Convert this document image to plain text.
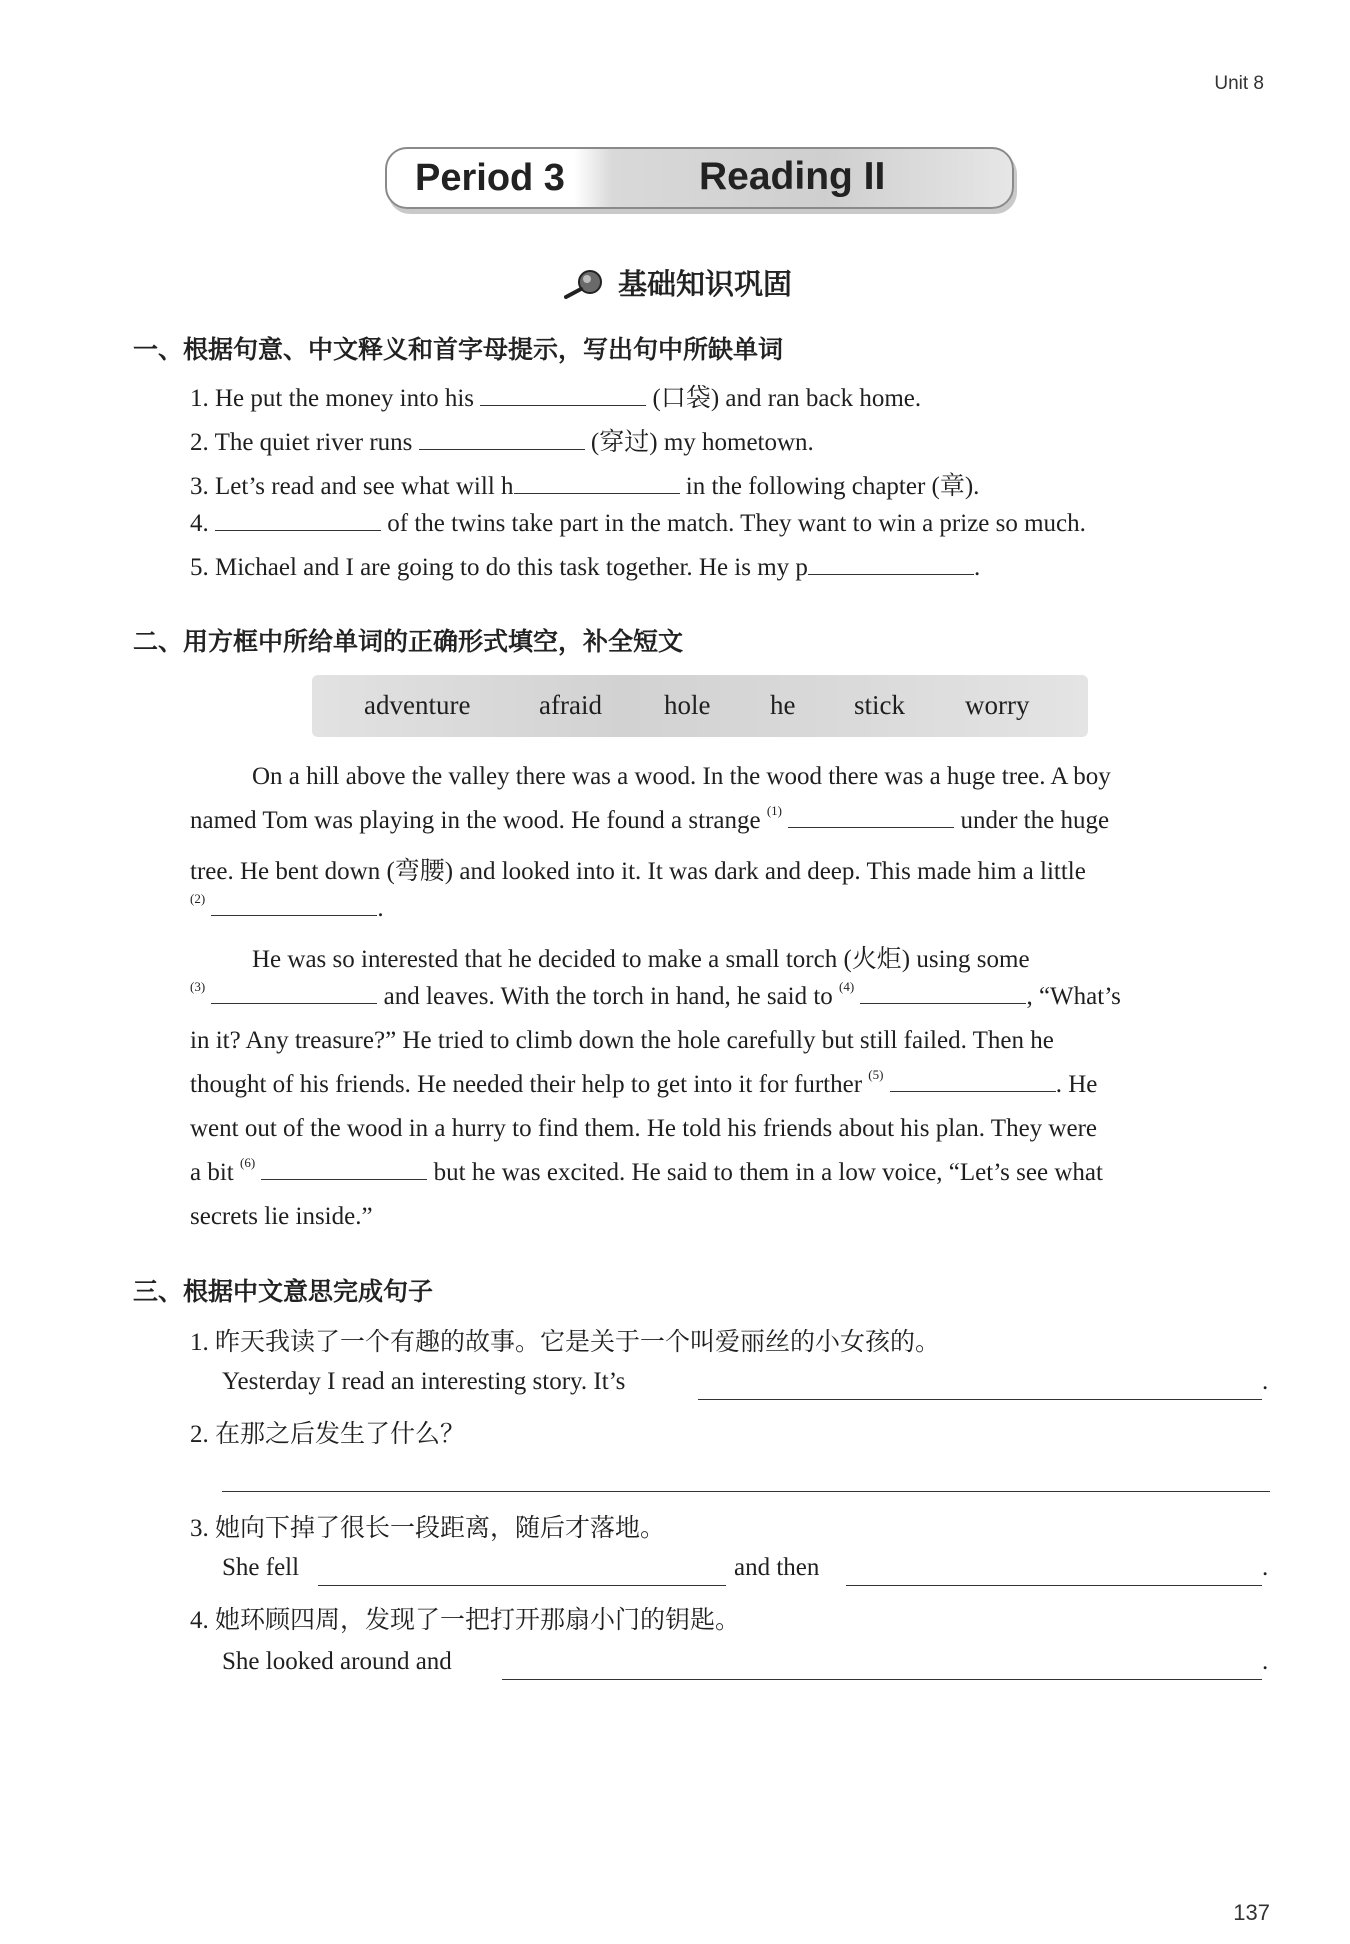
Unit 8
Period 3	Reading II
基础知识巩固
一、根据句意、中文释义和首字母提示，写出句中所缺单词
1. He put the money into his	(口袋) and ran back home.
2. The quiet river runs	(穿过) my hometown.
3. Let’s read and see what will h	in the following chapter (章).
4.	of the twins take part in the match. They want to win a prize so much.
5. Michael and I are going to do this task together. He is my p	.
二、用方框中所给单词的正确形式填空，补全短文
adventure	afraid hole he stick worry
On a hill above the valley there was a wood. In the wood there was a huge tree. A boy
named Tom was playing in the wood. He found a strange $^{(1)}$	under the huge
tree. He bent down (弯腰) and looked into it. It was dark and deep. This made him a little
$^{(2)}$	.
He was so interested that he decided to make a small torch (火炬) using some
$^{(3)}$	and leaves. With the torch in hand, he said to $^{(4)}$	, “What’s
in it? Any treasure?” He tried to climb down the hole carefully but still failed. Then he
thought of his friends. He needed their help to get into it for further $^{(5)}$	. He
went out of the wood in a hurry to find them. He told his friends about his plan. They were
a bit $^{(6)}$	but he was excited. He said to them in a low voice, “Let’s see what
secrets lie inside.”
三、根据中文意思完成句子
1. 昨天我读了一个有趣的故事。它是关于一个叫爱丽丝的小女孩的。
Yesterday I read an interesting story. It’s	.
2. 在那之后发生了什么？
3. 她向下掉了很长一段距离，随后才落地。
She fell	and then	.
4. 她环顾四周，发现了一把打开那扇小门的钥匙。
She looked around and	.
137
